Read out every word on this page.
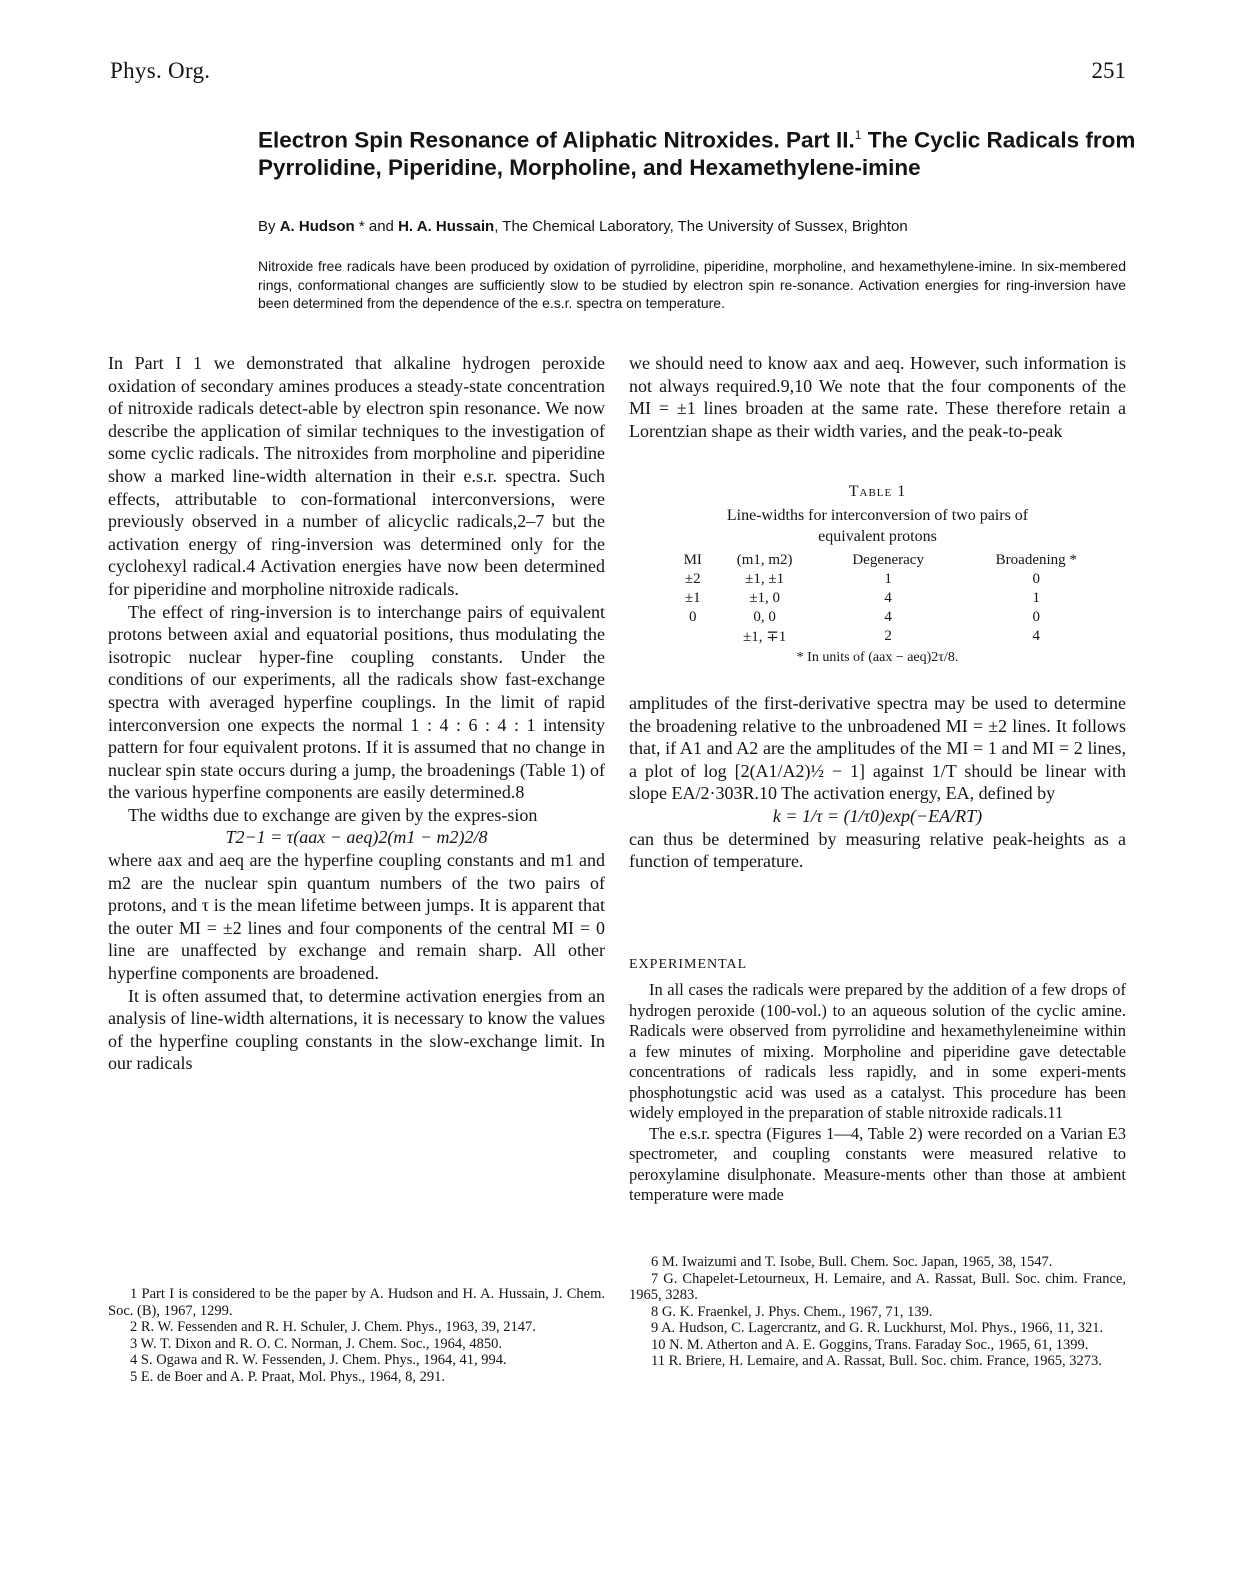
Phys. Org.	251
Electron Spin Resonance of Aliphatic Nitroxides. Part II.$^1$ The Cyclic Radicals from Pyrrolidine, Piperidine, Morpholine, and Hexamethylene-imine
By A. Hudson * and H. A. Hussain, The Chemical Laboratory, The University of Sussex, Brighton
Nitroxide free radicals have been produced by oxidation of pyrrolidine, piperidine, morpholine, and hexamethylene-imine. In six-membered rings, conformational changes are sufficiently slow to be studied by electron spin re-sonance. Activation energies for ring-inversion have been determined from the dependence of the e.s.r. spectra on temperature.

In Part I 1 we demonstrated that alkaline hydrogen peroxide oxidation of secondary amines produces a steady-state concentration of nitroxide radicals detect-able by electron spin resonance. We now describe the application of similar techniques to the investigation of some cyclic radicals. The nitroxides from morpholine and piperidine show a marked line-width alternation in their e.s.r. spectra. Such effects, attributable to con-formational interconversions, were previously observed in a number of alicyclic radicals,2–7 but the activation energy of ring-inversion was determined only for the cyclohexyl radical.4 Activation energies have now been determined for piperidine and morpholine nitroxide radicals.

The effect of ring-inversion is to interchange pairs of equivalent protons between axial and equatorial positions, thus modulating the isotropic nuclear hyper-fine coupling constants. Under the conditions of our experiments, all the radicals show fast-exchange spectra with averaged hyperfine couplings. In the limit of rapid interconversion one expects the normal 1 : 4 : 6 : 4 : 1 intensity pattern for four equivalent protons. If it is assumed that no change in nuclear spin state occurs during a jump, the broadenings (Table 1) of the various hyperfine components are easily determined.8

The widths due to exchange are given by the expres-sion

T2−1 = τ(aax − aeq)2(m1 − m2)2/8

where aax and aeq are the hyperfine coupling constants and m1 and m2 are the nuclear spin quantum numbers of the two pairs of protons, and τ is the mean lifetime between jumps. It is apparent that the outer MI = ±2 lines and four components of the central MI = 0 line are unaffected by exchange and remain sharp. All other hyperfine components are broadened.

It is often assumed that, to determine activation energies from an analysis of line-width alternations, it is necessary to know the values of the hyperfine coupling constants in the slow-exchange limit. In our radicals

we should need to know aax and aeq. However, such information is not always required.9,10 We note that the four components of the MI = ±1 lines broaden at the same rate. These therefore retain a Lorentzian shape as their width varies, and the peak-to-peak

Table 1
Line-widths for interconversion of two pairs of
equivalent protons
MI	(m1, m2)	Degeneracy	Broadening *
±2	±1, ±1	1	0
±1	±1, 0	4	1
0	0, 0	4	0
	±1, ∓1	2	4
* In units of (aax − aeq)2τ/8.

amplitudes of the first-derivative spectra may be used to determine the broadening relative to the unbroadened MI = ±2 lines. It follows that, if A1 and A2 are the amplitudes of the MI = 1 and MI = 2 lines, a plot of log [2(A1/A2)½ − 1] against 1/T should be linear with slope EA/2·303R.10 The activation energy, EA, defined by

k = 1/τ = (1/τ0)exp(−EA/RT)

can thus be determined by measuring relative peak-heights as a function of temperature.

EXPERIMENTAL

In all cases the radicals were prepared by the addition of a few drops of hydrogen peroxide (100-vol.) to an aqueous solution of the cyclic amine. Radicals were observed from pyrrolidine and hexamethyleneimine within a few minutes of mixing. Morpholine and piperidine gave detectable concentrations of radicals less rapidly, and in some experi-ments phosphotungstic acid was used as a catalyst. This procedure has been widely employed in the preparation of stable nitroxide radicals.11

The e.s.r. spectra (Figures 1—4, Table 2) were recorded on a Varian E3 spectrometer, and coupling constants were measured relative to peroxylamine disulphonate. Measure-ments other than those at ambient temperature were made

1 Part I is considered to be the paper by A. Hudson and H. A. Hussain, J. Chem. Soc. (B), 1967, 1299.

2 R. W. Fessenden and R. H. Schuler, J. Chem. Phys., 1963, 39, 2147.

3 W. T. Dixon and R. O. C. Norman, J. Chem. Soc., 1964, 4850.

4 S. Ogawa and R. W. Fessenden, J. Chem. Phys., 1964, 41, 994.

5 E. de Boer and A. P. Praat, Mol. Phys., 1964, 8, 291.

6 M. Iwaizumi and T. Isobe, Bull. Chem. Soc. Japan, 1965, 38, 1547.

7 G. Chapelet-Letourneux, H. Lemaire, and A. Rassat, Bull. Soc. chim. France, 1965, 3283.

8 G. K. Fraenkel, J. Phys. Chem., 1967, 71, 139.

9 A. Hudson, C. Lagercrantz, and G. R. Luckhurst, Mol. Phys., 1966, 11, 321.

10 N. M. Atherton and A. E. Goggins, Trans. Faraday Soc., 1965, 61, 1399.

11 R. Briere, H. Lemaire, and A. Rassat, Bull. Soc. chim. France, 1965, 3273.
